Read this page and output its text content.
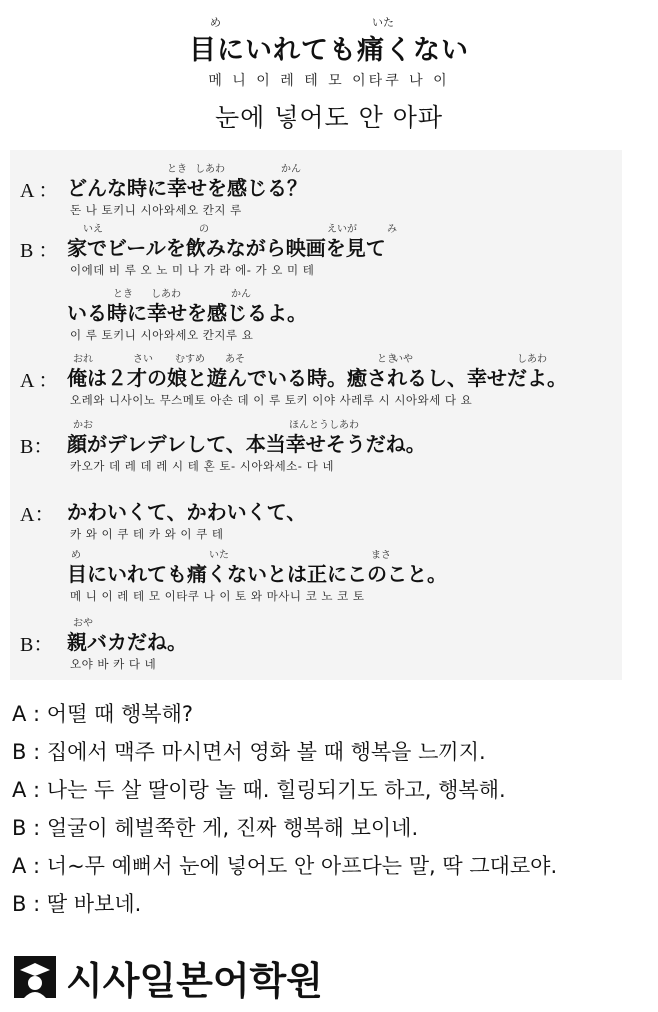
め	いた
目にいれても痛くない
메 니 이 레 테 모 이타쿠 나 이
눈에 넣어도 안 아파
A ：
とき しあわ	かん
どんな時に幸せを感じる？
돈 나 토키니 시아와세오 칸지 루
B ：
いえ	の	えいが	み
家でビールを飲みながら映画を見て
이에데 비 루 오 노 미 나 가 라 에- 가 오 미 테
とき しあわ	かん
いる時に幸せを感じるよ。
이 루 토키니 시아와세오 칸지루 요
A ：
おれ	さい むすめ あそ	とき
いや	しあわ
俺は２才の娘と遊んでいる時。癒されるし、幸せだよ。
오레와 니사이노 무스메토 아손 데 이 루 토키 이야 사레루 시 시아와세 다 요
B：
かお	ほんとうしあわ
顔がデレデレして、本当幸せそうだね。
카오가 데 레 데 레 시 테 혼 토- 시아와세소- 다 네
A： かわいくて、かわいくて、
카 와 이 쿠 테 카 와 이 쿠 테
め	いた	まさ
目にいれても痛くないとは正にこのこと。
메 니 이 레 테 모 이타쿠 나 이 토 와 마사니 코 노 코 토
B：
おや
親バカだね。
오야 바 카 다 네
A : 어떨 때 행복해?
B : 집에서 맥주 마시면서 영화 볼 때 행복을 느끼지.
A : 나는 두 살 딸이랑 놀 때. 힐링되기도 하고, 행복해.
B : 얼굴이 헤벌쭉한 게, 진짜 행복해 보이네.
A : 너~무 예뻐서 눈에 넣어도 안 아프다는 말, 딱 그대로야.
B : 딸 바보네.
시사일본어학원
